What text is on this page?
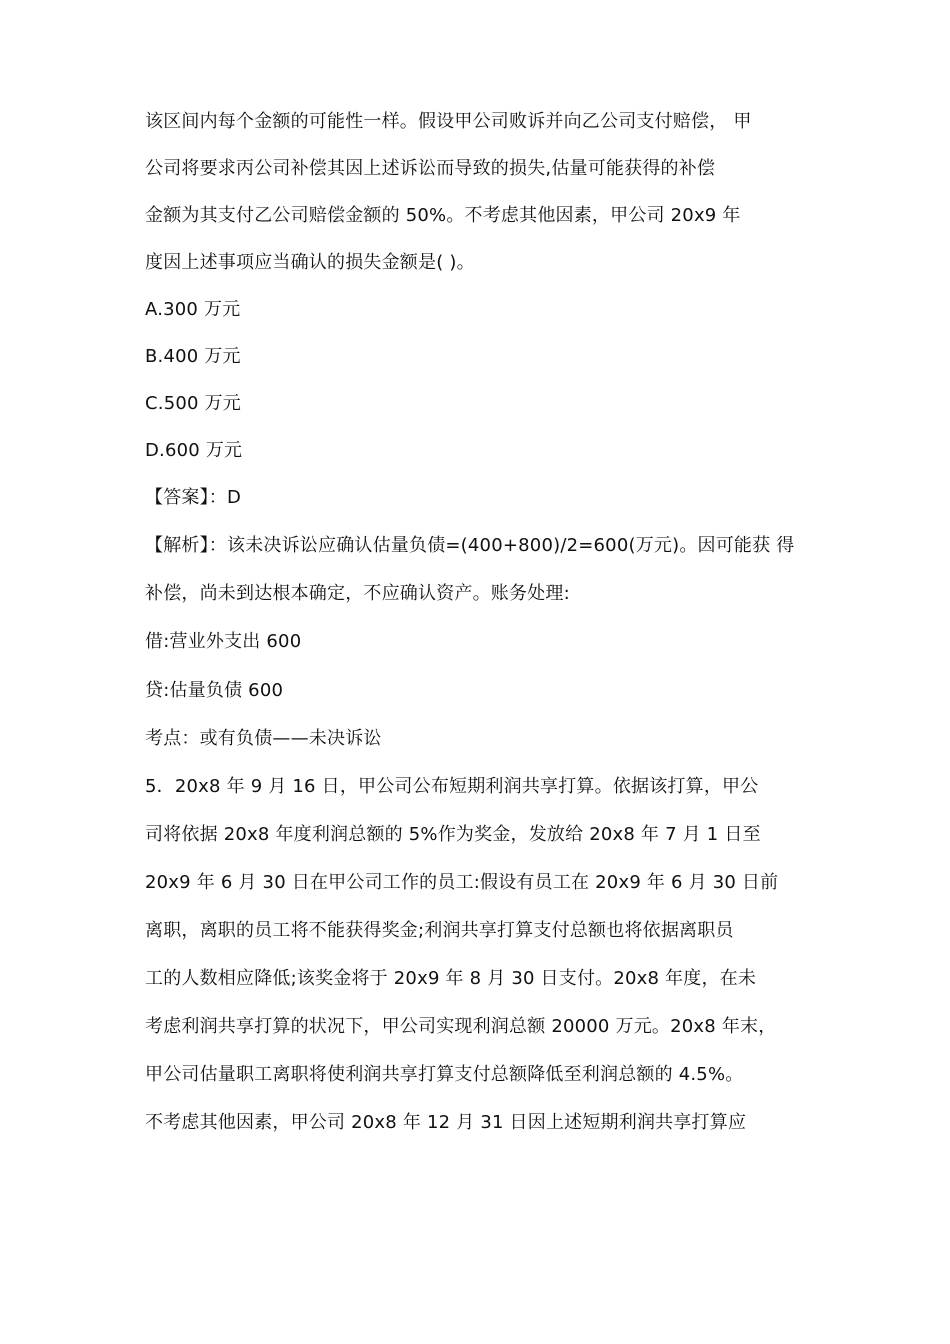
该区间内每个金额的可能性一样。假设甲公司败诉并向乙公司支付赔偿， 甲
公司将要求丙公司补偿其因上述诉讼而导致的损失,估量可能获得的补偿
金额为其支付乙公司赔偿金额的 50%。不考虑其他因素，甲公司 20x9 年
度因上述事项应当确认的损失金额是( )。
A.300 万元
B.400 万元
C.500 万元
D.600 万元
【答案】：D
【解析】：该未决诉讼应确认估量负债=(400+800)/2=600(万元)。因可能获 得
补偿，尚未到达根本确定，不应确认资产。账务处理:
借:营业外支出 600
贷:估量负债 600
考点：或有负债——未决诉讼
5．20x8 年 9 月 16 日，甲公司公布短期利润共享打算。依据该打算，甲公
司将依据 20x8 年度利润总额的 5%作为奖金，发放给 20x8 年 7 月 1 日至
20x9 年 6 月 30 日在甲公司工作的员工:假设有员工在 20x9 年 6 月 30 日前
离职，离职的员工将不能获得奖金;利润共享打算支付总额也将依据离职员
工的人数相应降低;该奖金将于 20x9 年 8 月 30 日支付。20x8 年度，在未
考虑利润共享打算的状况下，甲公司实现利润总额 20000 万元。20x8 年末，
甲公司估量职工离职将使利润共享打算支付总额降低至利润总额的 4.5%。
不考虑其他因素，甲公司 20x8 年 12 月 31 日因上述短期利润共享打算应
